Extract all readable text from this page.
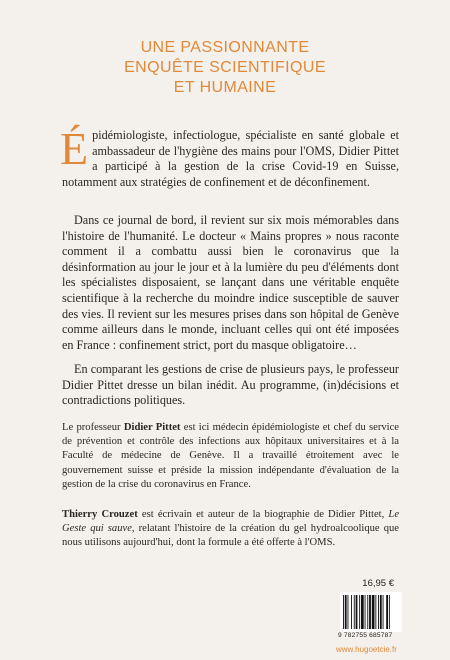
UNE PASSIONNANTE
ENQUÊTE SCIENTIFIQUE
ET HUMAINE

Épidémiologiste, infectiologue, spécialiste en santé globale et ambassadeur de l'hygiène des mains pour l'OMS, Didier Pittet a participé à la gestion de la crise Covid-19 en Suisse, notamment aux stratégies de confinement et de déconfinement.

Dans ce journal de bord, il revient sur six mois mémorables dans l'histoire de l'humanité. Le docteur « Mains propres » nous raconte comment il a combattu aussi bien le coronavirus que la désinformation au jour le jour et à la lumière du peu d'éléments dont les spécialistes disposaient, se lançant dans une véritable enquête scientifique à la recherche du moindre indice susceptible de sauver des vies. Il revient sur les mesures prises dans son hôpital de Genève comme ailleurs dans le monde, incluant celles qui ont été imposées en France : confinement strict, port du masque obligatoire…

En comparant les gestions de crise de plusieurs pays, le professeur Didier Pittet dresse un bilan inédit. Au programme, (in)décisions et contradictions politiques.

Le professeur Didier Pittet est ici médecin épidémiologiste et chef du service de prévention et contrôle des infections aux hôpitaux universitaires et à la Faculté de médecine de Genève. Il a travaillé étroitement avec le gouvernement suisse et préside la mission indépendante d'évaluation de la gestion de la crise du coronavirus en France.

Thierry Crouzet est écrivain et auteur de la biographie de Didier Pittet, Le Geste qui sauve, relatant l'histoire de la création du gel hydroalcoolique que nous utilisons aujourd'hui, dont la formule a été offerte à l'OMS.

16,95 €
9 782755 685787
www.hugoetcie.fr
